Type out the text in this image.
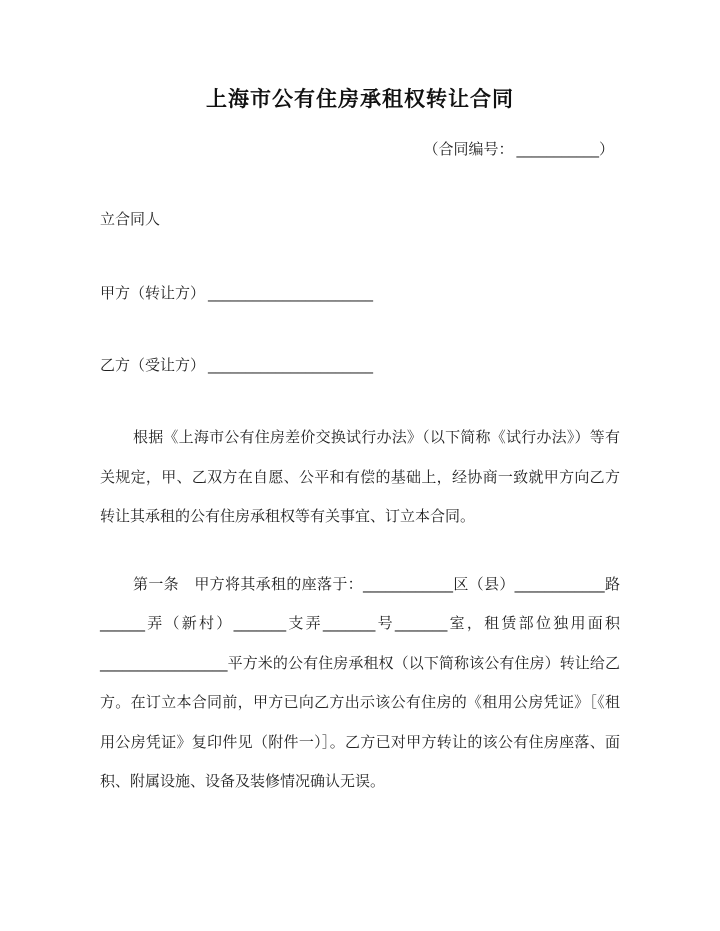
上海市公有住房承租权转让合同
（合同编号： ___________）
立合同人
甲方（转让方） ______________________
乙方（受让方） ______________________

根据《上海市公有住房差价交换试行办法》（以下简称《试行办法》）等有关规定，甲、乙双方在自愿、公平和有偿的基础上，经协商一致就甲方向乙方转让其承租的公有住房承租权等有关事宜、订立本合同。

第一条　甲方将其承租的座落于：____________区（县）____________路______弄（新村）_______支弄_______号_______室，租赁部位独用面积_________________平方米的公有住房承租权（以下简称该公有住房）转让给乙方。在订立本合同前，甲方已向乙方出示该公有住房的《租用公房凭证》［《租用公房凭证》复印件见（附件一）］。乙方已对甲方转让的该公有住房座落、面积、附属设施、设备及装修情况确认无误。
